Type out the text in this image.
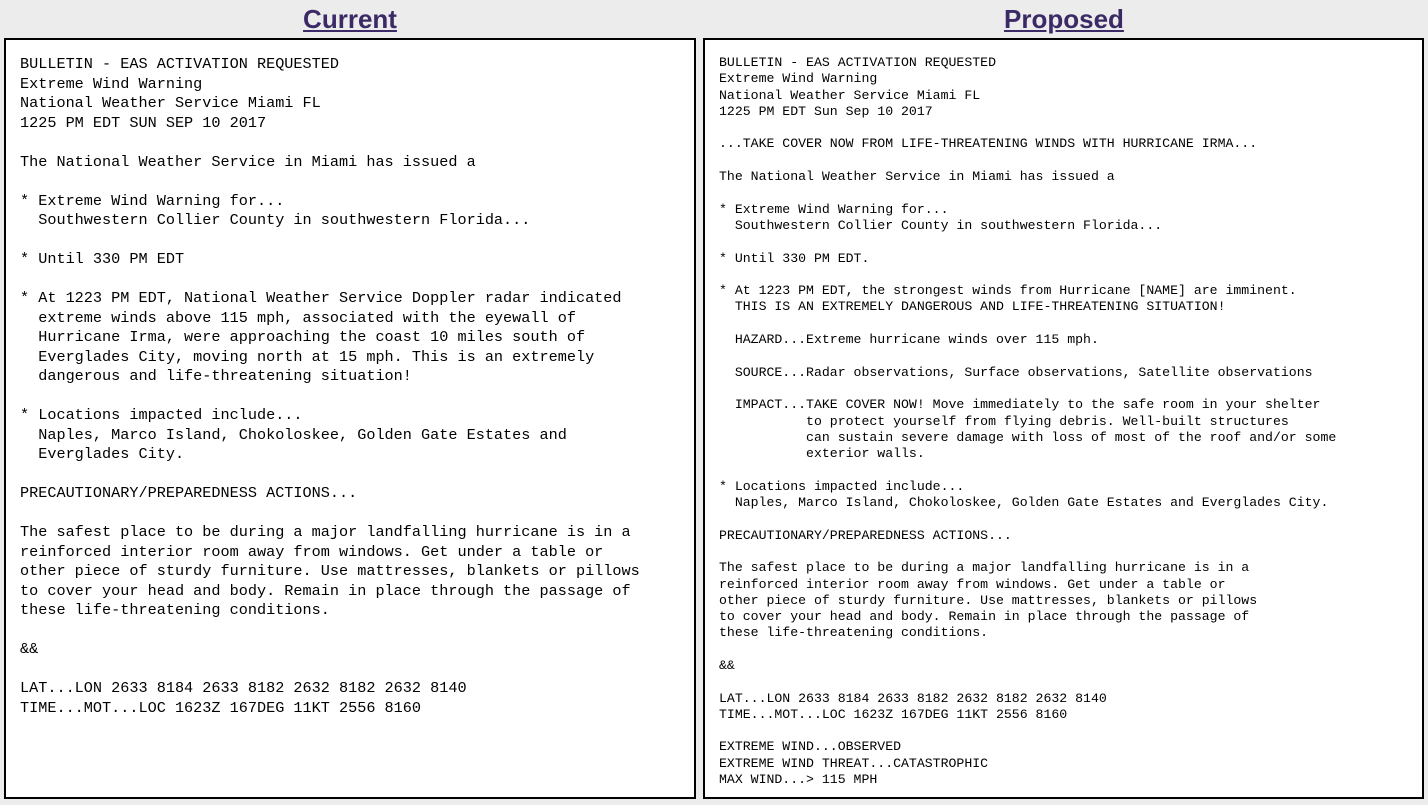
Current	Proposed
BULLETIN - EAS ACTIVATION REQUESTED
Extreme Wind Warning
National Weather Service Miami FL
1225 PM EDT SUN SEP 10 2017
The National Weather Service in Miami has issued a
* Extreme Wind Warning for...
Southwestern Collier County in southwestern Florida...
* Until 330 PM EDT
* At 1223 PM EDT, National Weather Service Doppler radar indicated
extreme winds above 115 mph, associated with the eyewall of
Hurricane Irma, were approaching the coast 10 miles south of
Everglades City, moving north at 15 mph. This is an extremely
dangerous and life-threatening situation!
* Locations impacted include...
Naples, Marco Island, Chokoloskee, Golden Gate Estates and
Everglades City.
PRECAUTIONARY/PREPAREDNESS ACTIONS...
The safest place to be during a major landfalling hurricane is in a
reinforced interior room away from windows. Get under a table or
other piece of sturdy furniture. Use mattresses, blankets or pillows
to cover your head and body. Remain in place through the passage of
these life-threatening conditions.
&&
LAT...LON 2633 8184 2633 8182 2632 8182 2632 8140
TIME...MOT...LOC 1623Z 167DEG 11KT 2556 8160
BULLETIN - EAS ACTIVATION REQUESTED
Extreme Wind Warning
National Weather Service Miami FL
1225 PM EDT Sun Sep 10 2017
...TAKE COVER NOW FROM LIFE-THREATENING WINDS WITH HURRICANE IRMA...
The National Weather Service in Miami has issued a
* Extreme Wind Warning for...
Southwestern Collier County in southwestern Florida...
* Until 330 PM EDT.
* At 1223 PM EDT, the strongest winds from Hurricane [NAME] are imminent.
THIS IS AN EXTREMELY DANGEROUS AND LIFE-THREATENING SITUATION!
HAZARD...Extreme hurricane winds over 115 mph.
SOURCE...Radar observations, Surface observations, Satellite observations
IMPACT...TAKE COVER NOW! Move immediately to the safe room in your shelter
to protect yourself from flying debris. Well-built structures
can sustain severe damage with loss of most of the roof and/or some
exterior walls.
* Locations impacted include...
Naples, Marco Island, Chokoloskee, Golden Gate Estates and Everglades City.
PRECAUTIONARY/PREPAREDNESS ACTIONS...
The safest place to be during a major landfalling hurricane is in a
reinforced interior room away from windows. Get under a table or
other piece of sturdy furniture. Use mattresses, blankets or pillows
to cover your head and body. Remain in place through the passage of
these life-threatening conditions.
&&
LAT...LON 2633 8184 2633 8182 2632 8182 2632 8140
TIME...MOT...LOC 1623Z 167DEG 11KT 2556 8160
EXTREME WIND...OBSERVED
EXTREME WIND THREAT...CATASTROPHIC
MAX WIND...> 115 MPH
